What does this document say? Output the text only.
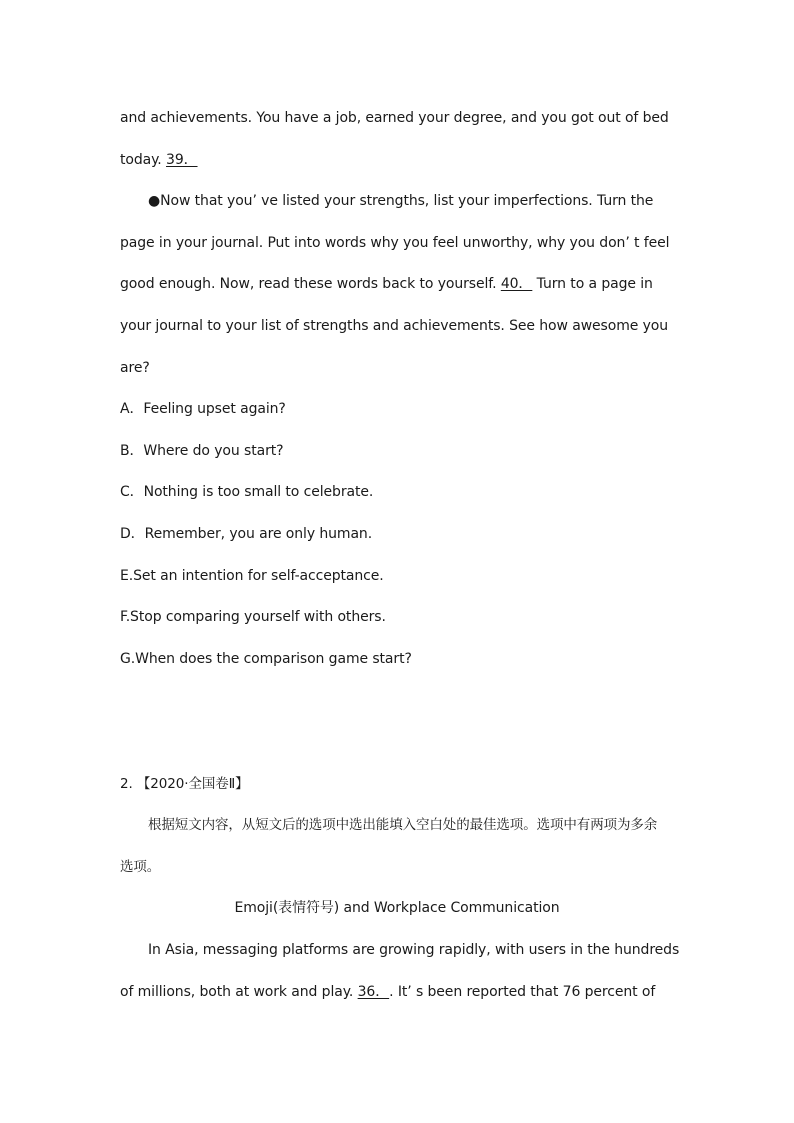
and achievements. You have a job, earned your degree, and you got out of bed
today. 39．
●Now that you’ ve listed your strengths, list your imperfections. Turn the
page in your journal. Put into words why you feel unworthy, why you don’ t feel
good enough. Now, read these words back to yourself. 40． Turn to a page in
your journal to your list of strengths and achievements. See how awesome you
are?
A．Feeling upset again?
B．Where do you start?
C．Nothing is too small to celebrate.
D．Remember, you are only human.
E.Set an intention for self-acceptance.
F.Stop comparing yourself with others.
G.When does the comparison game start?
2. 【2020·全国卷Ⅱ】
根据短文内容，从短文后的选项中选出能填入空白处的最佳选项。选项中有两项为多余
选项。
Emoji(表情符号) and Workplace Communication
In Asia, messaging platforms are growing rapidly, with users in the hundreds
of millions, both at work and play. 36．. It’ s been reported that 76 percent of
